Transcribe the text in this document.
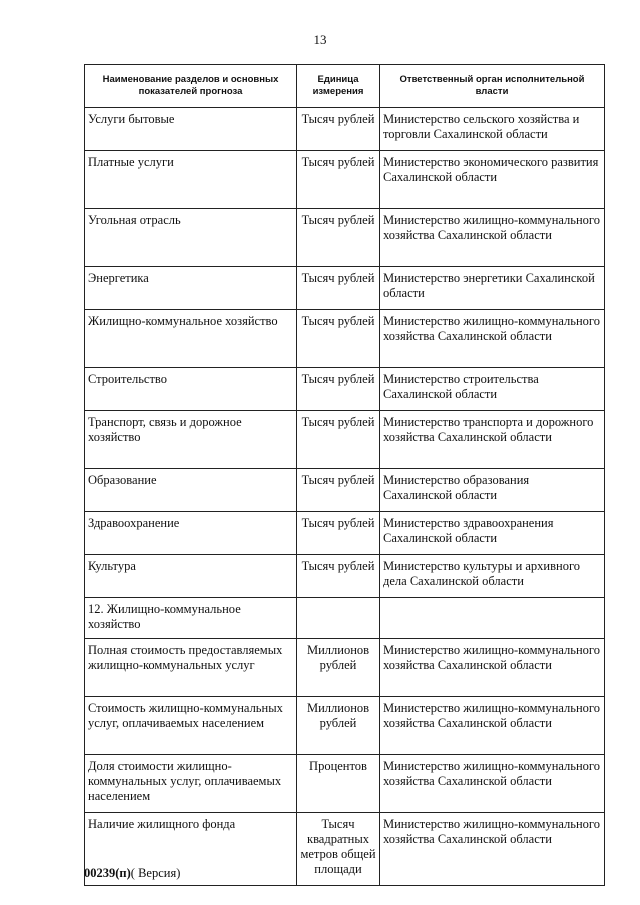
13
Наименование разделов и основных показателей прогноза	Единица измерения	Ответственный орган исполнительной власти
Услуги бытовые	Тысяч рублей	Министерство сельского хозяйства и торговли Сахалинской области
Платные услуги	Тысяч рублей	Министерство экономического развития Сахалинской области
Угольная отрасль	Тысяч рублей	Министерство жилищно-коммунального хозяйства Сахалинской области
Энергетика	Тысяч рублей	Министерство энергетики Сахалинской области
Жилищно-коммунальное хозяйство	Тысяч рублей	Министерство жилищно-коммунального хозяйства Сахалинской области
Строительство	Тысяч рублей	Министерство строительства Сахалинской области
Транспорт, связь и дорожное хозяйство	Тысяч рублей	Министерство транспорта и дорожного хозяйства Сахалинской области
Образование	Тысяч рублей	Министерство образования Сахалинской области
Здравоохранение	Тысяч рублей	Министерство здравоохранения Сахалинской области
Культура	Тысяч рублей	Министерство культуры и архивного дела Сахалинской области
12. Жилищно-коммунальное хозяйство		
Полная стоимость предоставляемых жилищно-коммунальных услуг	Миллионов рублей	Министерство жилищно-коммунального хозяйства Сахалинской области
Стоимость жилищно-коммунальных услуг, оплачиваемых населением	Миллионов рублей	Министерство жилищно-коммунального хозяйства Сахалинской области
Доля стоимости жилищно-коммунальных услуг, оплачиваемых населением	Процентов	Министерство жилищно-коммунального хозяйства Сахалинской области
Наличие жилищного фонда	Тысяч квадратных метров общей площади	Министерство жилищно-коммунального хозяйства Сахалинской области
00239(п)( Версия)
